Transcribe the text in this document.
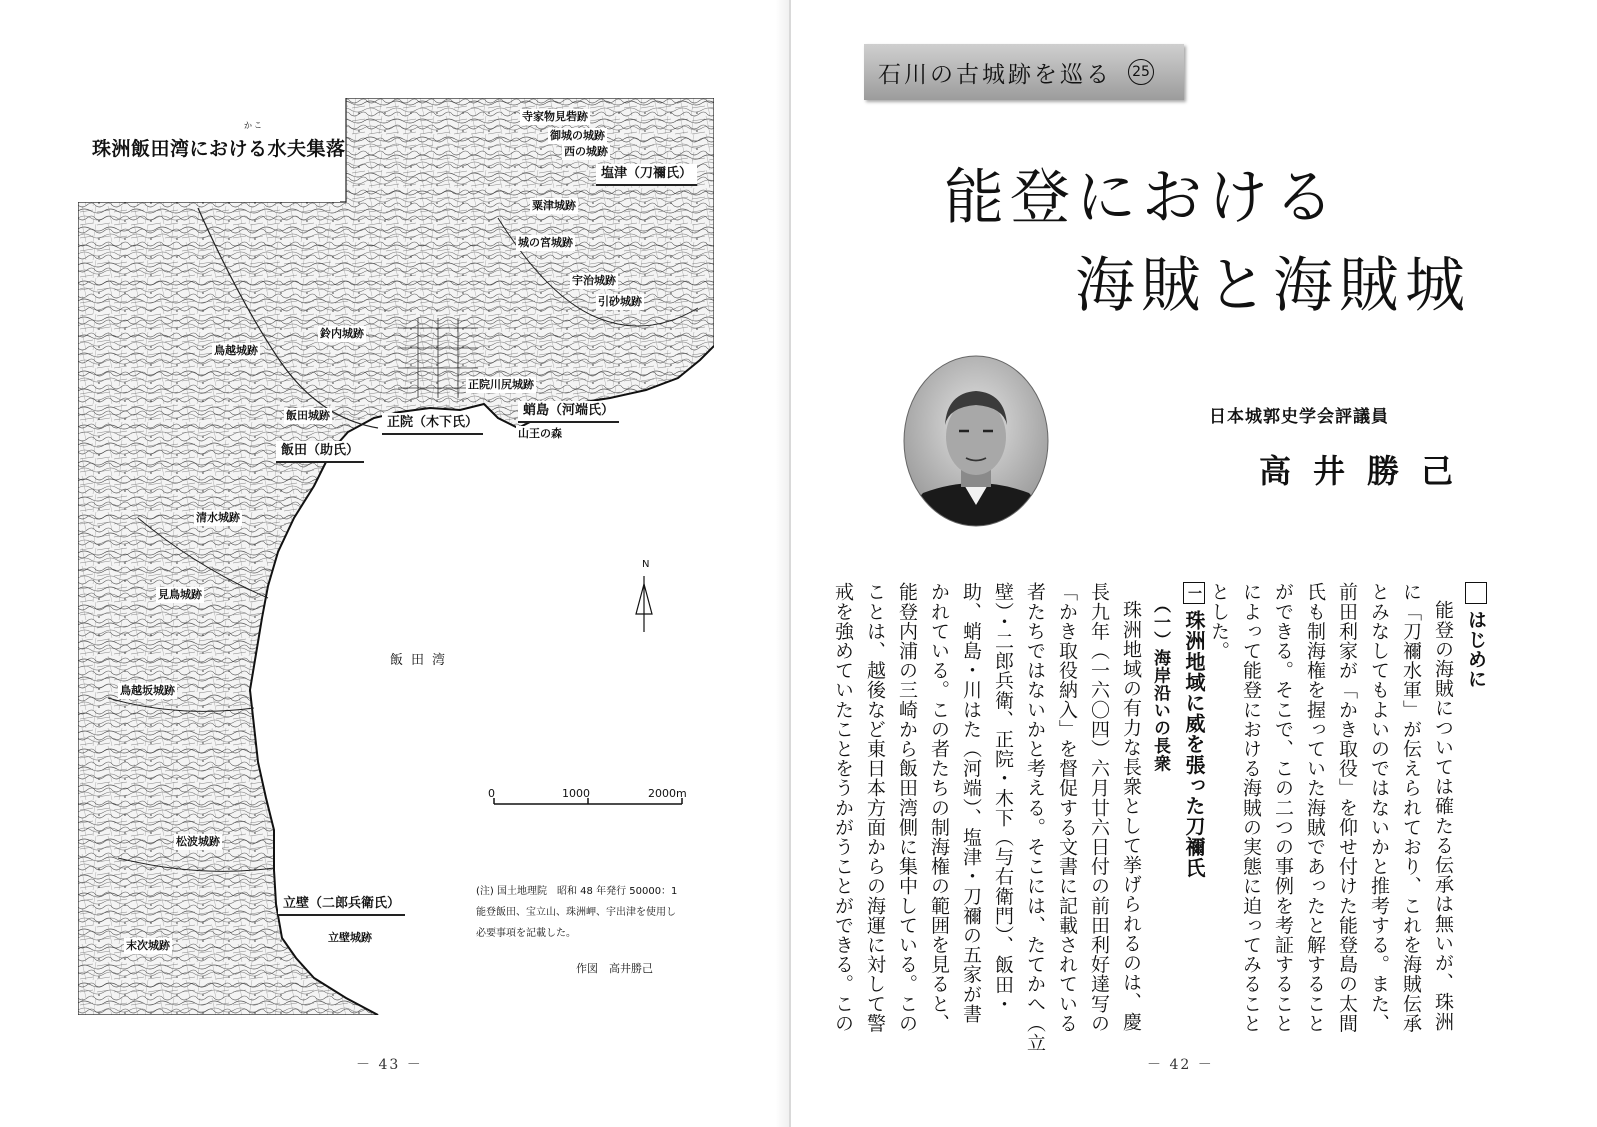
珠洲飯田湾における水夫集落
かこ
寺家物見砦跡
御城の城跡
西の城跡
塩津（刀禰氏）
粟津城跡
城の宮城跡
宇治城跡
引砂城跡
鈴内城跡
鳥越城跡
正院川尻城跡
蛸島（河端氏）
山王の森
飯田城跡	正院（木下氏）
飯田（助氏）
清水城跡
見鳥城跡
鳥越坂城跡
松波城跡
立壁（二郎兵衛氏）
立壁城跡
末次城跡
飯田湾
N
0	1000	2000m
(注) 国土地理院　昭和 48 年発行 50000：1
能登飯田、宝立山、珠洲岬、宇出津を使用し
必要事項を記載した。
作図　高井勝己
－ 43 －
石川の古城跡を巡る 25
能登における
海賊と海賊城
日本城郭史学会評議員
高井勝己
はじめに
能登の海賊については確たる伝承は無いが、珠洲
に「刀禰水軍」が伝えられており、これを海賊伝承
とみなしてもよいのではないかと推考する。また、
前田利家が「かき取役」を仰せ付けた能登島の太間
氏も制海権を握っていた海賊であったと解すること
ができる。そこで、この二つの事例を考証すること
によって能登における海賊の実態に迫ってみること
とした。
一珠洲地域に威を張った刀禰氏
（一）海岸沿いの長衆
珠洲地域の有力な長衆として挙げられるのは、慶
長九年（一六〇四）六月廿六日付の前田利好達写の
「かき取役納入」を督促する文書に記載されている
者たちではないかと考える。そこには、たてかへ（立
壁）・二郎兵衛、正院・木下（与右衛門）、飯田・
助、蛸島・川はた（河端）、塩津・刀禰の五家が書
かれている。この者たちの制海権の範囲を見ると、
能登内浦の三崎から飯田湾側に集中している。この
ことは、越後など東日本方面からの海運に対して警
戒を強めていたことをうかがうことができる。この
－ 42 －
